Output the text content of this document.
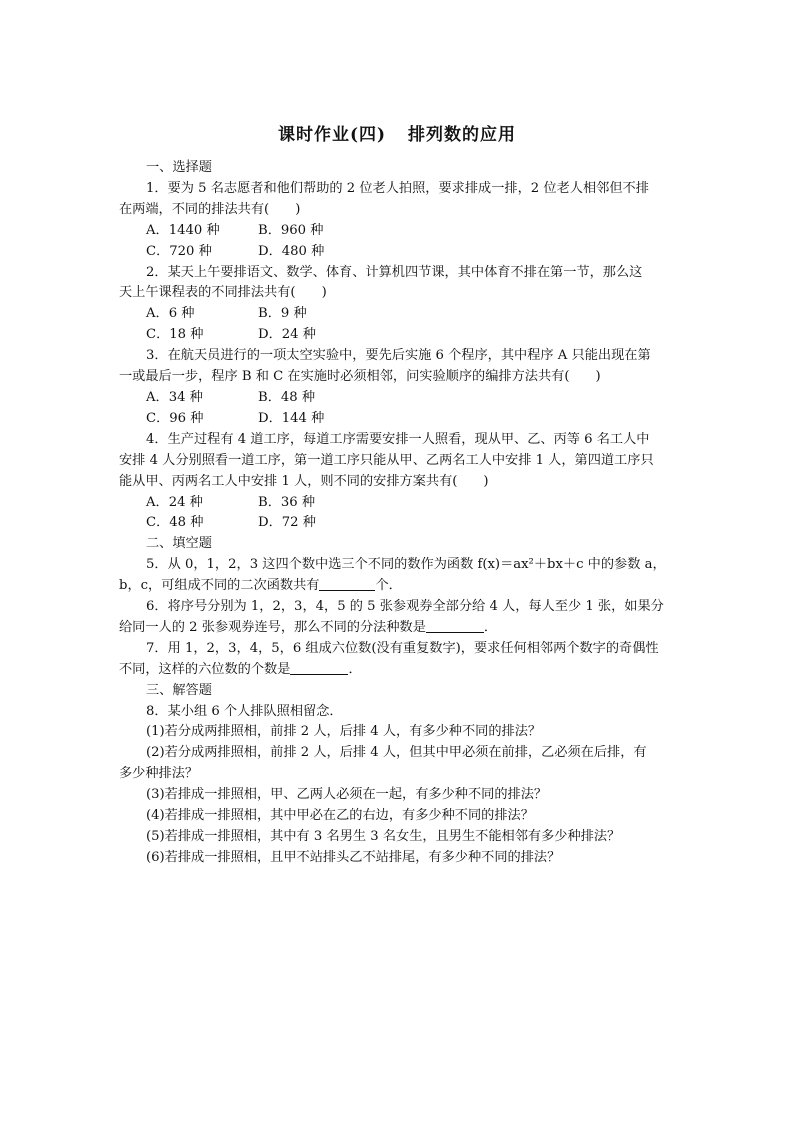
课时作业(四) 排列数的应用
一、选择题
1．要为 5 名志愿者和他们帮助的 2 位老人拍照，要求排成一排，2 位老人相邻但不排
在两端，不同的排法共有( )
A．1440 种	B．960 种
C．720 种	D．480 种
2．某天上午要排语文、数学、体育、计算机四节课，其中体育不排在第一节，那么这
天上午课程表的不同排法共有( )
A．6 种	B．9 种
C．18 种	D．24 种
3．在航天员进行的一项太空实验中，要先后实施 6 个程序，其中程序 A 只能出现在第
一或最后一步，程序 B 和 C 在实施时必须相邻，问实验顺序的编排方法共有( )
A．34 种	B．48 种
C．96 种	D．144 种
4．生产过程有 4 道工序，每道工序需要安排一人照看，现从甲、乙、丙等 6 名工人中
安排 4 人分别照看一道工序，第一道工序只能从甲、乙两名工人中安排 1 人，第四道工序只
能从甲、丙两名工人中安排 1 人，则不同的安排方案共有( )
A．24 种	B．36 种
C．48 种	D．72 种
二、填空题
5．从 0，1，2，3 这四个数中选三个不同的数作为函数 f(x)＝ax²＋bx＋c 中的参数 a，
b，c，可组成不同的二次函数共有	个．
6．将序号分别为 1，2，3，4，5 的 5 张参观券全部分给 4 人，每人至少 1 张，如果分
给同一人的 2 张参观券连号，那么不同的分法种数是	．
7．用 1，2，3，4，5，6 组成六位数(没有重复数字)，要求任何相邻两个数字的奇偶性
不同，这样的六位数的个数是	．
三、解答题
8．某小组 6 个人排队照相留念．
(1)若分成两排照相，前排 2 人，后排 4 人，有多少种不同的排法？
(2)若分成两排照相，前排 2 人，后排 4 人，但其中甲必须在前排，乙必须在后排，有
多少种排法？
(3)若排成一排照相，甲、乙两人必须在一起，有多少种不同的排法？
(4)若排成一排照相，其中甲必在乙的右边，有多少种不同的排法？
(5)若排成一排照相，其中有 3 名男生 3 名女生，且男生不能相邻有多少种排法？
(6)若排成一排照相，且甲不站排头乙不站排尾，有多少种不同的排法？
